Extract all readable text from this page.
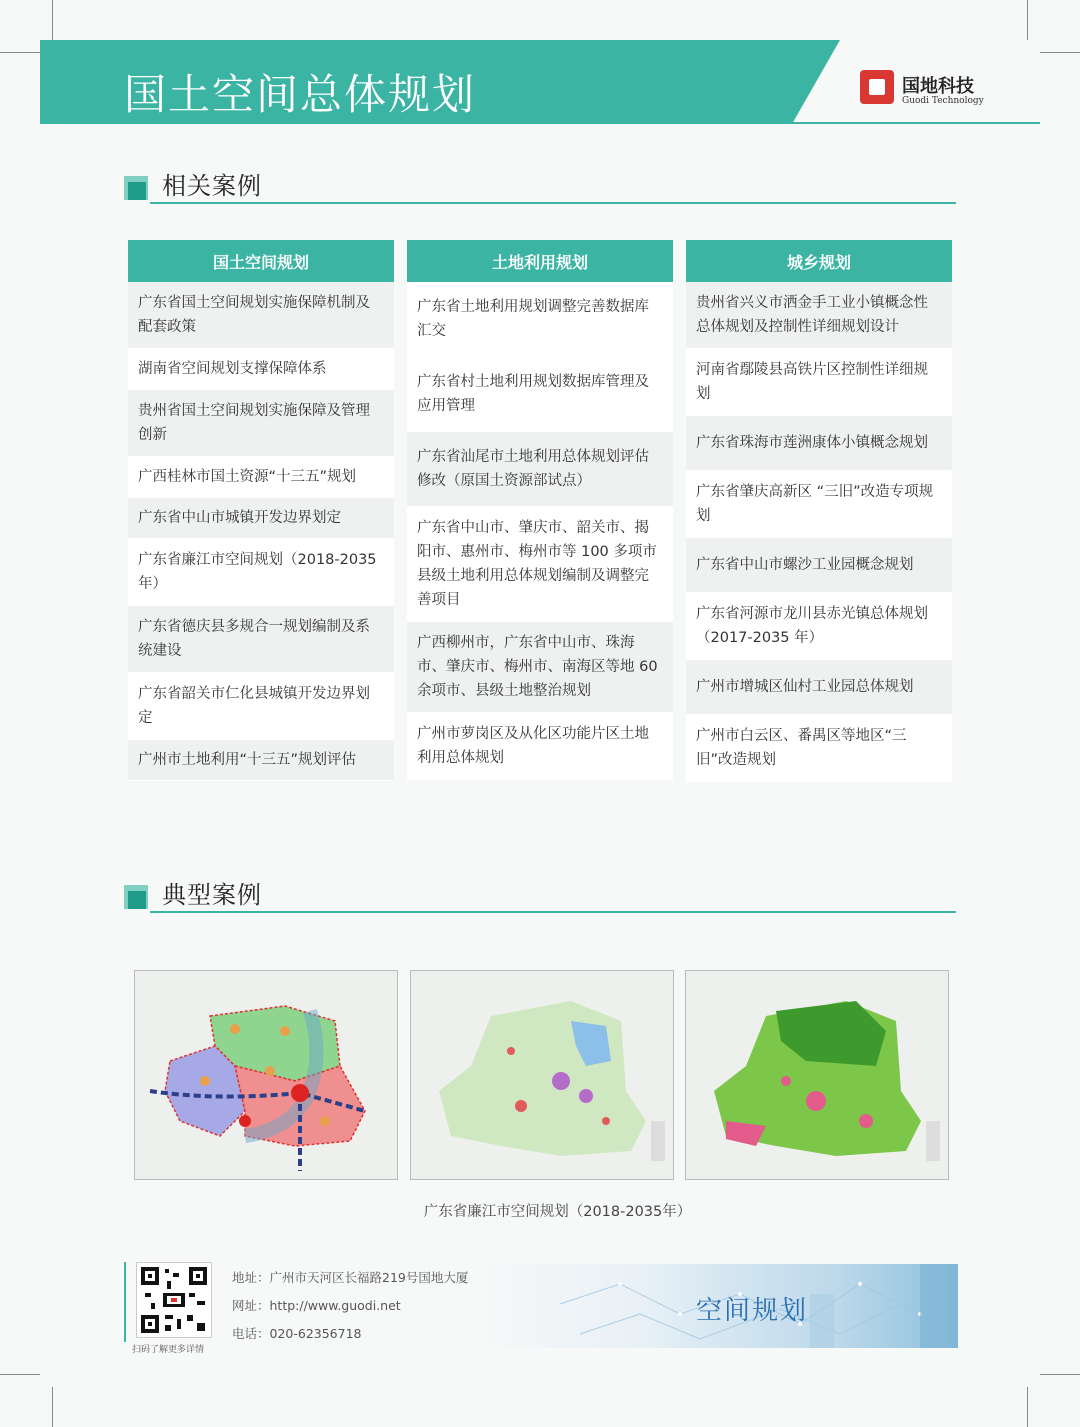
国土空间总体规划	国地科技
Guodi Technology
相关案例
国土空间规划
广东省国土空间规划实施保障机制及配套政策
湖南省空间规划支撑保障体系
贵州省国土空间规划实施保障及管理创新
广西桂林市国土资源“十三五”规划
广东省中山市城镇开发边界划定
广东省廉江市空间规划（2018-2035年）
广东省德庆县多规合一规划编制及系统建设
广东省韶关市仁化县城镇开发边界划定
广州市土地利用“十三五”规划评估
土地利用规划
广东省土地利用规划调整完善数据库汇交
广东省村土地利用规划数据库管理及应用管理
广东省汕尾市土地利用总体规划评估修改（原国土资源部试点）
广东省中山市、肇庆市、韶关市、揭阳市、惠州市、梅州市等 100 多项市县级土地利用总体规划编制及调整完善项目
广西柳州市，广东省中山市、珠海市、肇庆市、梅州市、南海区等地 60 余项市、县级土地整治规划
广州市萝岗区及从化区功能片区土地利用总体规划
城乡规划
贵州省兴义市洒金手工业小镇概念性总体规划及控制性详细规划设计
河南省鄢陵县高铁片区控制性详细规划
广东省珠海市莲洲康体小镇概念规划
广东省肇庆高新区 “三旧”改造专项规划
广东省中山市螺沙工业园概念规划
广东省河源市龙川县赤光镇总体规划（2017-2035 年）
广州市增城区仙村工业园总体规划
广州市白云区、番禺区等地区“三旧”改造规划
典型案例
广东省廉江市空间规划（2018-2035年）
扫码了解更多详情
地址：广州市天河区长福路219号国地大厦
网址：http://www.guodi.net
电话：020-62356718
空间规划
